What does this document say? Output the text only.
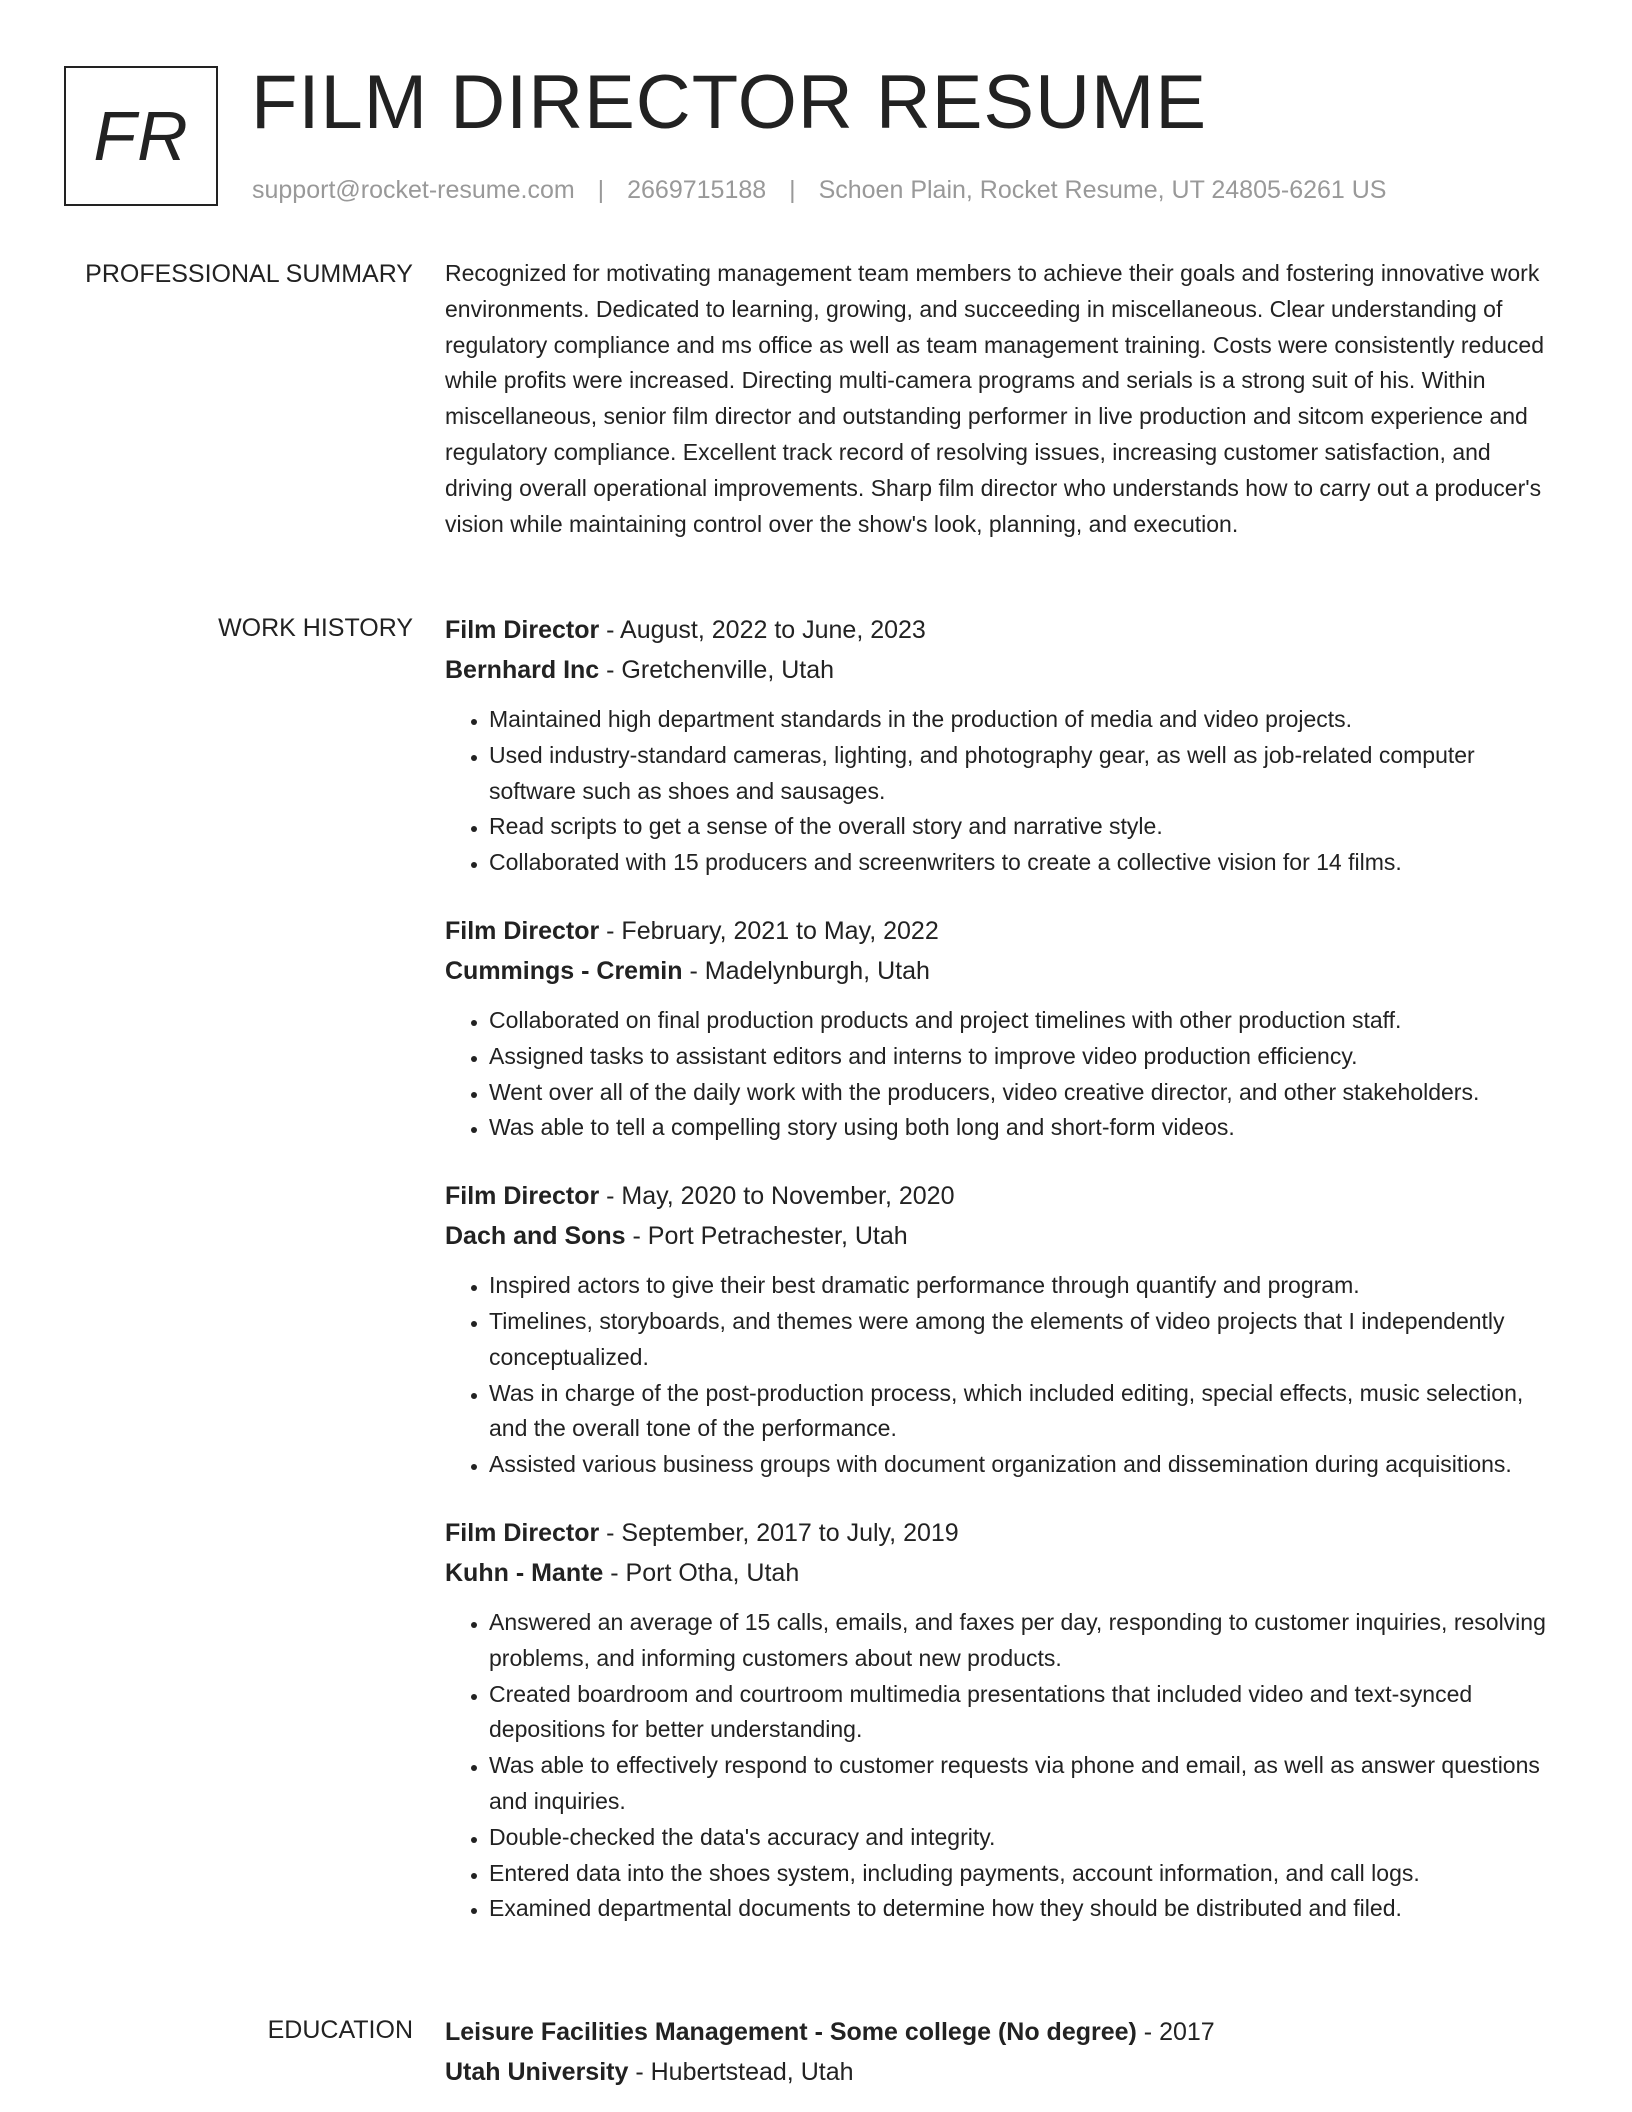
FR FILM DIRECTOR RESUME
support@rocket-resume.com | 2669715188 | Schoen Plain, Rocket Resume, UT 24805-6261 US
PROFESSIONAL SUMMARY Recognized for motivating management team members to achieve their goals and fostering innovative work environments. Dedicated to learning, growing, and succeeding in miscellaneous. Clear understanding of regulatory compliance and ms office as well as team management training. Costs were consistently reduced while profits were increased. Directing multi-camera programs and serials is a strong suit of his. Within miscellaneous, senior film director and outstanding performer in live production and sitcom experience and regulatory compliance. Excellent track record of resolving issues, increasing customer satisfaction, and driving overall operational improvements. Sharp film director who understands how to carry out a producer's vision while maintaining control over the show's look, planning, and execution.

WORK HISTORY Film Director - August, 2022 to June, 2023
Bernhard Inc - Gretchenville, Utah
• Maintained high department standards in the production of media and video projects.
• Used industry-standard cameras, lighting, and photography gear, as well as job-related computer software such as shoes and sausages.
• Read scripts to get a sense of the overall story and narrative style.
• Collaborated with 15 producers and screenwriters to create a collective vision for 14 films.
Film Director - February, 2021 to May, 2022
Cummings - Cremin - Madelynburgh, Utah
• Collaborated on final production products and project timelines with other production staff.
• Assigned tasks to assistant editors and interns to improve video production efficiency.
• Went over all of the daily work with the producers, video creative director, and other stakeholders.
• Was able to tell a compelling story using both long and short-form videos.
Film Director - May, 2020 to November, 2020
Dach and Sons - Port Petrachester, Utah
• Inspired actors to give their best dramatic performance through quantify and program.
• Timelines, storyboards, and themes were among the elements of video projects that I independently conceptualized.
• Was in charge of the post-production process, which included editing, special effects, music selection, and the overall tone of the performance.
• Assisted various business groups with document organization and dissemination during acquisitions.
Film Director - September, 2017 to July, 2019
Kuhn - Mante - Port Otha, Utah
• Answered an average of 15 calls, emails, and faxes per day, responding to customer inquiries, resolving problems, and informing customers about new products.
• Created boardroom and courtroom multimedia presentations that included video and text-synced depositions for better understanding.
• Was able to effectively respond to customer requests via phone and email, as well as answer questions and inquiries.
• Double-checked the data's accuracy and integrity.
• Entered data into the shoes system, including payments, account information, and call logs.
• Examined departmental documents to determine how they should be distributed and filed.
EDUCATION Leisure Facilities Management - Some college (No degree) - 2017
Utah University - Hubertstead, Utah
